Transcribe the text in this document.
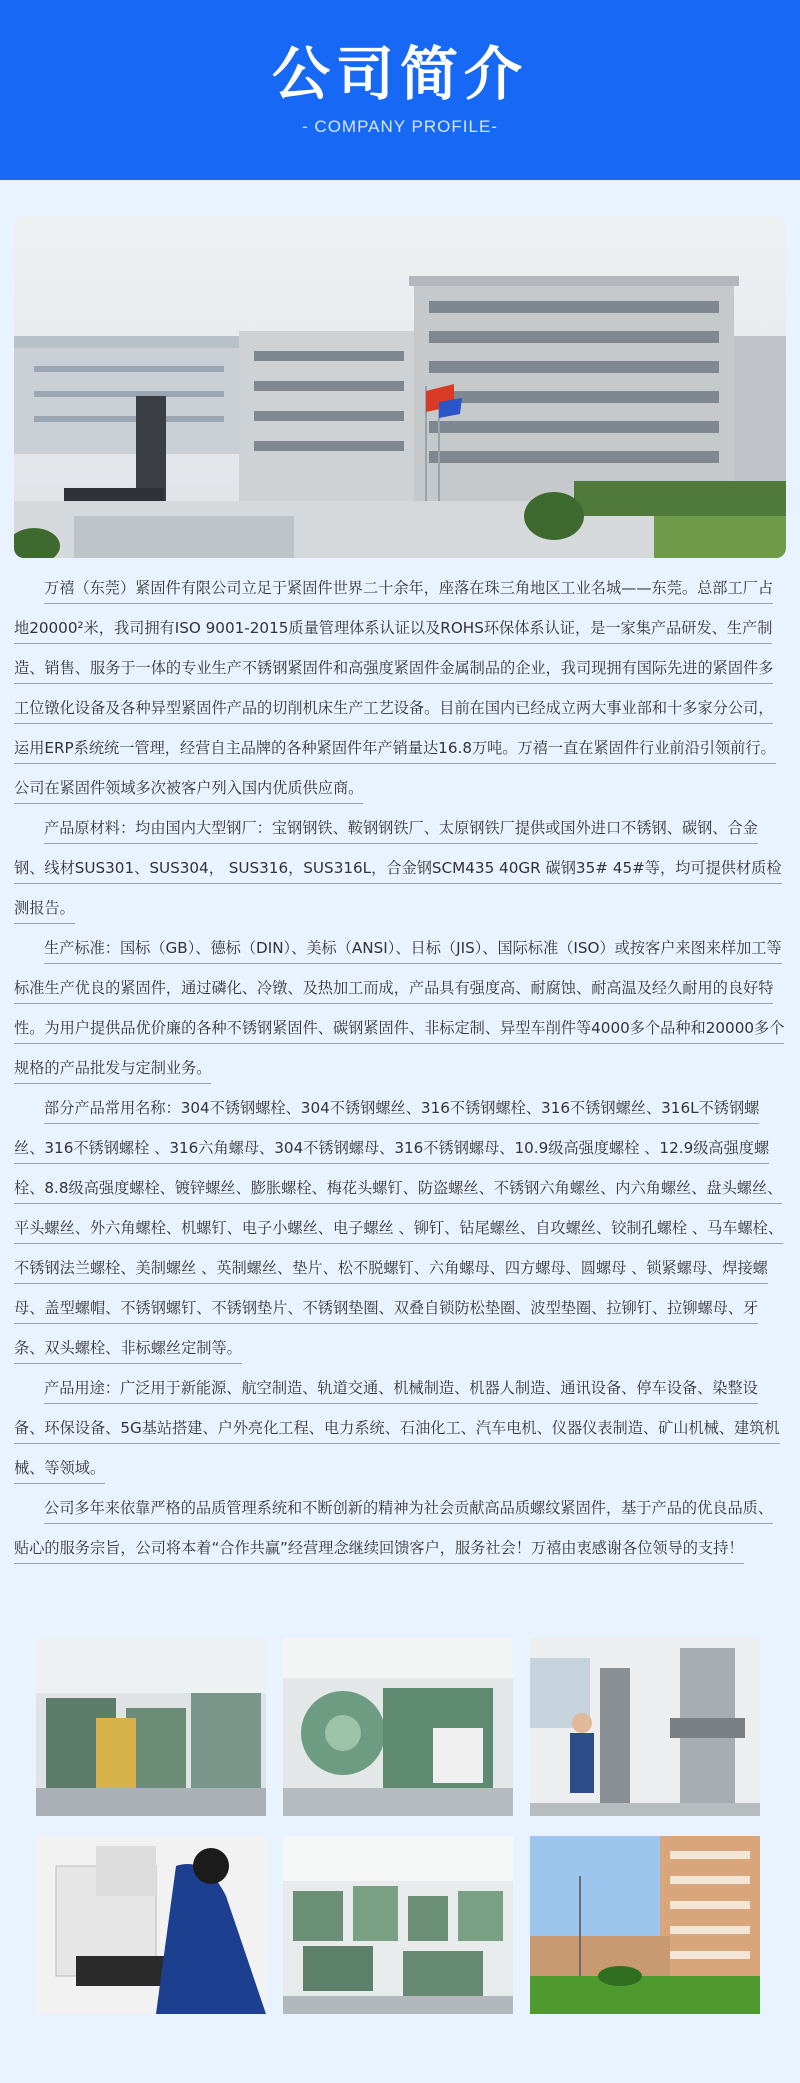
公司简介
- COMPANY PROFILE-

万禧（东莞）紧固件有限公司立足于紧固件世界二十余年，座落在珠三角地区工业名城——东莞。总部工厂占地20000²米，我司拥有ISO 9001-2015质量管理体系认证以及ROHS环保体系认证，是一家集产品研发、生产制造、销售、服务于一体的专业生产不锈钢紧固件和高强度紧固件金属制品的企业，我司现拥有国际先进的紧固件多工位镦化设备及各种异型紧固件产品的切削机床生产工艺设备。目前在国内已经成立两大事业部和十多家分公司，运用ERP系统统一管理，经营自主品牌的各种紧固件年产销量达16.8万吨。万禧一直在紧固件行业前沿引领前行。公司在紧固件领域多次被客户列入国内优质供应商。

产品原材料：均由国内大型钢厂：宝钢钢铁、鞍钢钢铁厂、太原钢铁厂提供或国外进口不锈钢、碳钢、合金钢、线材SUS301、SUS304， SUS316，SUS316L，合金钢SCM435 40GR 碳钢35# 45#等，均可提供材质检测报告。

生产标准：国标（GB）、德标（DIN）、美标（ANSI）、日标（JIS）、国际标准（ISO）或按客户来图来样加工等标准生产优良的紧固件，通过磷化、冷镦、及热加工而成，产品具有强度高、耐腐蚀、耐高温及经久耐用的良好特性。为用户提供品优价廉的各种不锈钢紧固件、碳钢紧固件、非标定制、异型车削件等4000多个品种和20000多个规格的产品批发与定制业务。

部分产品常用名称：304不锈钢螺栓、304不锈钢螺丝、316不锈钢螺栓、316不锈钢螺丝、316L不锈钢螺丝、316不锈钢螺栓 、316六角螺母、304不锈钢螺母、316不锈钢螺母、10.9级高强度螺栓 、12.9级高强度螺栓、8.8级高强度螺栓、镀锌螺丝、膨胀螺栓、梅花头螺钉、防盗螺丝、不锈钢六角螺丝、内六角螺丝、盘头螺丝、平头螺丝、外六角螺栓、机螺钉、电子小螺丝、电子螺丝 、铆钉、钻尾螺丝、自攻螺丝、铰制孔螺栓 、马车螺栓、不锈钢法兰螺栓、美制螺丝 、英制螺丝、垫片、松不脱螺钉、六角螺母、四方螺母、圆螺母 、锁紧螺母、焊接螺母、盖型螺帽、不锈钢螺钉、不锈钢垫片、不锈钢垫圈、双叠自锁防松垫圈、波型垫圈、拉铆钉、拉铆螺母、牙条、双头螺栓、非标螺丝定制等。

产品用途：广泛用于新能源、航空制造、轨道交通、机械制造、机器人制造、通讯设备、停车设备、染整设备、环保设备、5G基站搭建、户外亮化工程、电力系统、石油化工、汽车电机、仪器仪表制造、矿山机械、建筑机械、等领域。

公司多年来依靠严格的品质管理系统和不断创新的精神为社会贡献高品质螺纹紧固件，基于产品的优良品质、贴心的服务宗旨，公司将本着“合作共赢”经营理念继续回馈客户，服务社会！万禧由衷感谢各位领导的支持！
